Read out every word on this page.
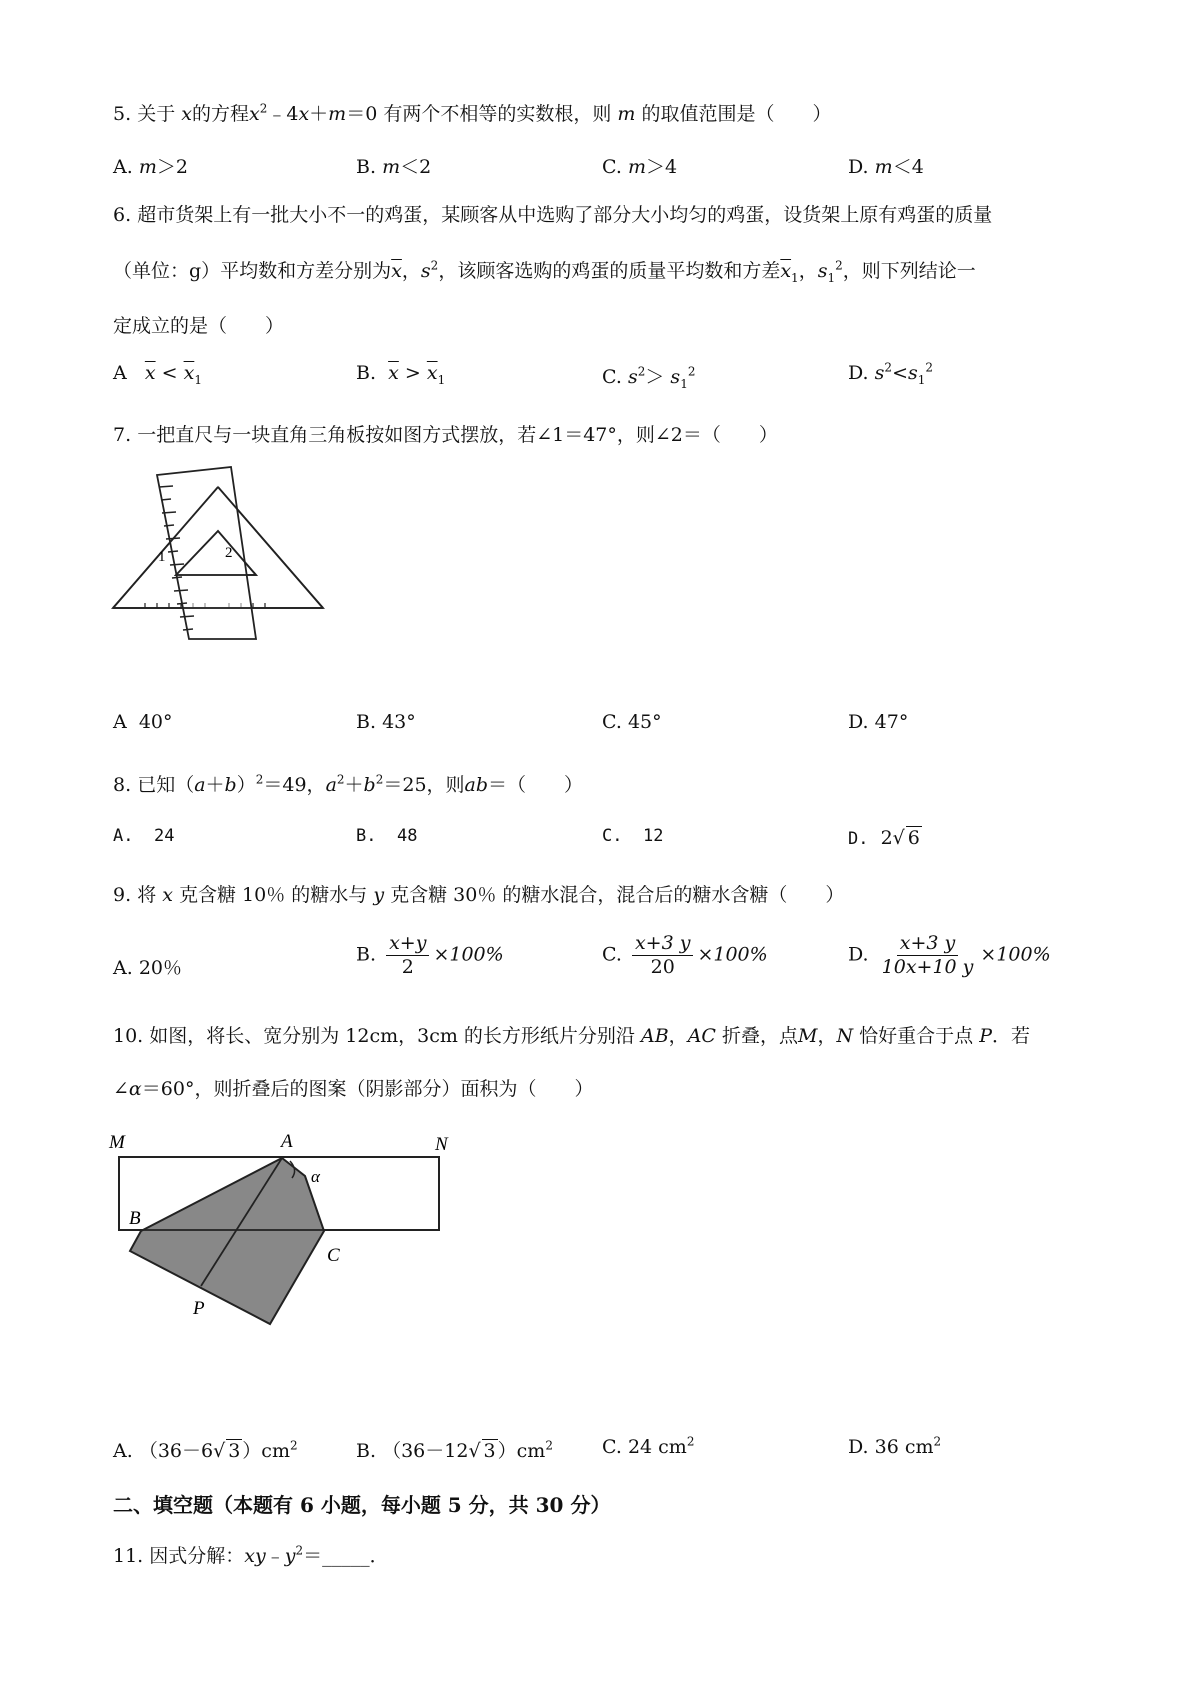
5. 关于 x的方程$x^2﹣4x+m=0$ 有两个不相等的实数根，则 m 的取值范围是（　　）
A. m＞2	B. m＜2	C. m＞4	D. m＜4
6. 超市货架上有一批大小不一的鸡蛋，某顾客从中选购了部分大小均匀的鸡蛋，设货架上原有鸡蛋的质量
（单位：g）平均数和方差分别为$\overline{x}$，$s^2$，该顾客选购的鸡蛋的质量平均数和方差$\overline{x}_1$，$s_1^2$，则下列结论一
定成立的是（　　）
A $\overline{x} < \overline{x}_1$	B. $\overline{x} > \overline{x}_1$	C. $s^2> s_1^2$	D. $s^2<s_1^2$
7. 一把直尺与一块直角三角板按如图方式摆放，若∠1＝47°，则∠2＝（　　）
1	2
A 40°	B. 43°	C. 45°	D. 47°
8. 已知$(a+b)^2=49$，$a^2+b^2=25$，则ab＝（　　）
A. 24	B. 48	C. 12	D. 2√ 6
9. 将 x 克含糖 10％ 的糖水与 y 克含糖 30％ 的糖水混合，混合后的糖水含糖（　　）
A. 20％
B. $\frac{x+y}{2} \times 100\%$	C. $\frac{x+3 y}{20} \times 100\%$	D. $\frac{x+3 y}{10x+10 y} \times 100\%$
10. 如图，将长、宽分别为 12cm，3cm 的长方形纸片分别沿 AB，AC 折叠，点M，N 恰好重合于点 P．若
∠α＝60°，则折叠后的图案（阴影部分）面积为（　　）
M	A	N
α
B
C
P
A. （36－6√ 3 ）$cm^2$	B. （36－12√ 3 ）$cm^2$	C. 24 $cm^2$	D. 36 $cm^2$
二、填空题（本题有 6 小题，每小题 5 分，共 30 分）
11. 因式分解：$xy﹣y^2=\_\_\_\_\_$．
